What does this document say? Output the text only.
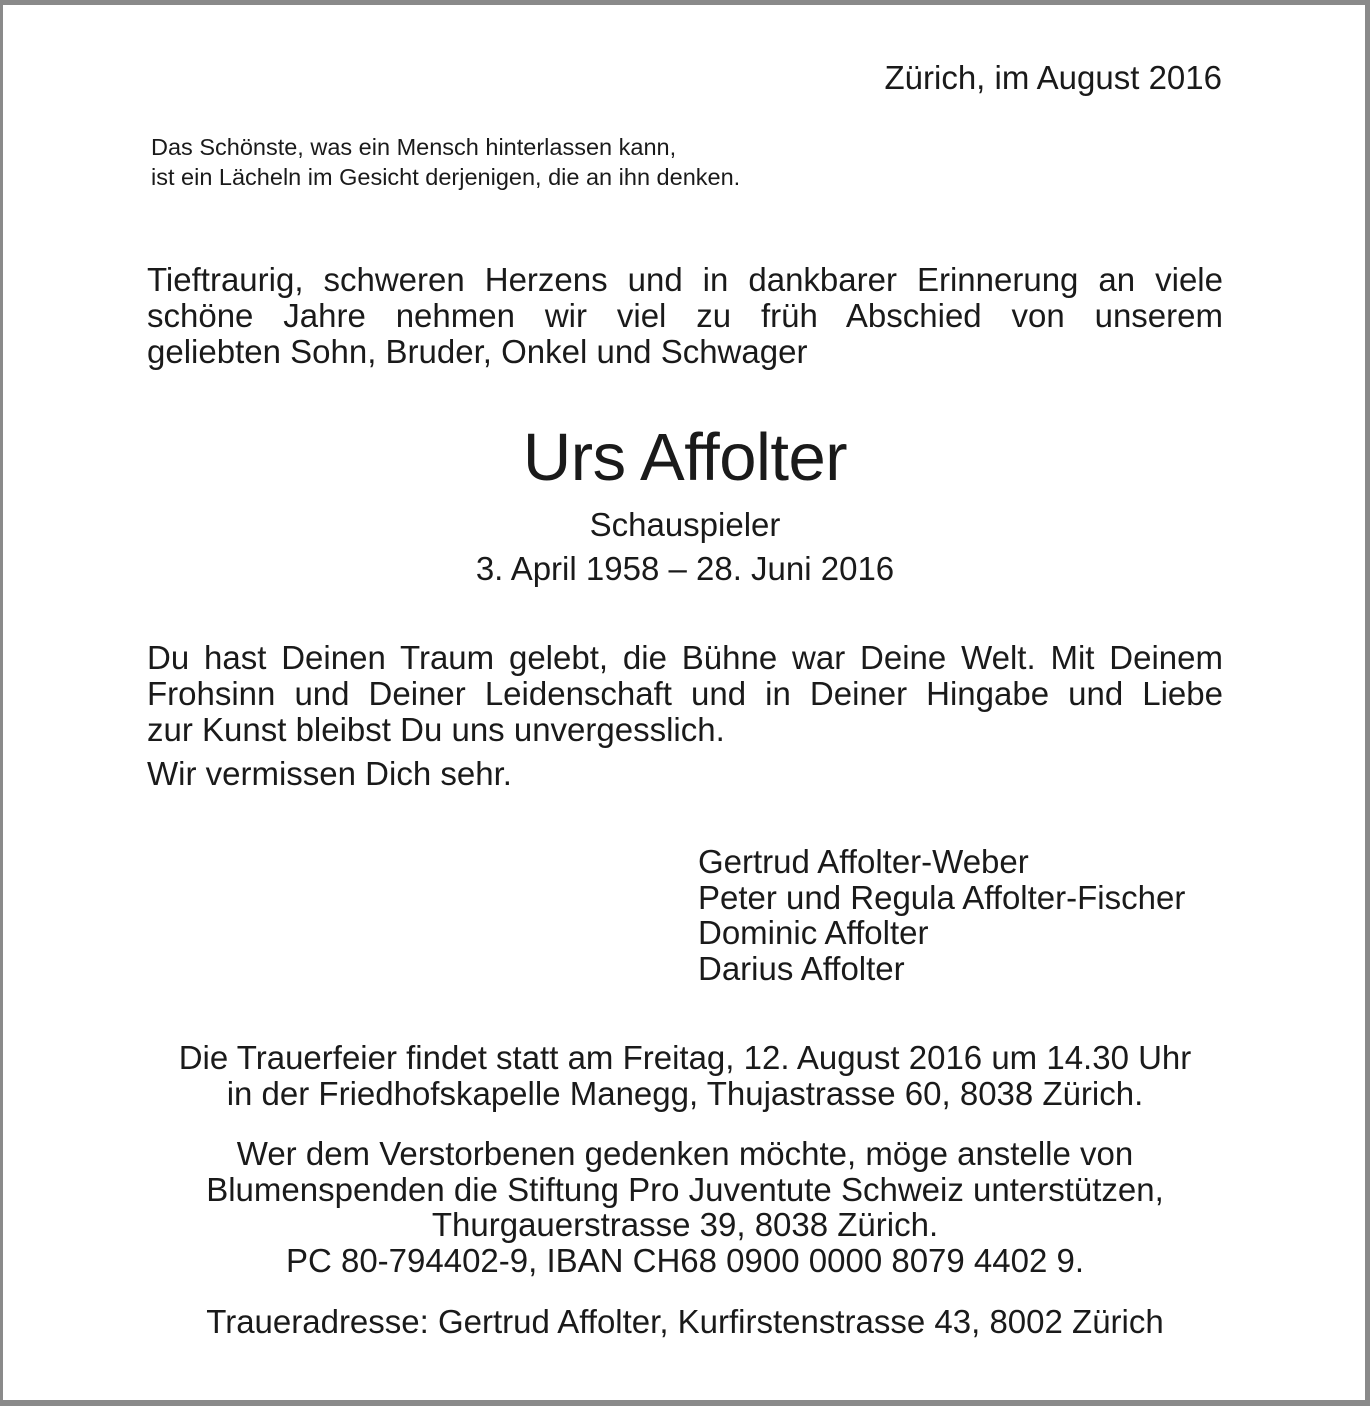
Zürich, im August 2016
Das Schönste, was ein Mensch hinterlassen kann,
ist ein Lächeln im Gesicht derjenigen, die an ihn denken.
Tieftraurig, schweren Herzens und in dankbarer Erinnerung an viele
schöne Jahre nehmen wir viel zu früh Abschied von unserem
geliebten Sohn, Bruder, Onkel und Schwager
Urs Affolter
Schauspieler
3. April 1958 – 28. Juni 2016
Du hast Deinen Traum gelebt, die Bühne war Deine Welt. Mit Deinem
Frohsinn und Deiner Leidenschaft und in Deiner Hingabe und Liebe
zur Kunst bleibst Du uns unvergesslich.
Wir vermissen Dich sehr.
Gertrud Affolter-Weber
Peter und Regula Affolter-Fischer
Dominic Affolter
Darius Affolter
Die Trauerfeier findet statt am Freitag, 12. August 2016 um 14.30 Uhr
in der Friedhofskapelle Manegg, Thujastrasse 60, 8038 Zürich.
Wer dem Verstorbenen gedenken möchte, möge anstelle von
Blumenspenden die Stiftung Pro Juventute Schweiz unterstützen,
Thurgauerstrasse 39, 8038 Zürich.
PC 80-794402-9, IBAN CH68 0900 0000 8079 4402 9.
Traueradresse: Gertrud Affolter, Kurfirstenstrasse 43, 8002 Zürich
